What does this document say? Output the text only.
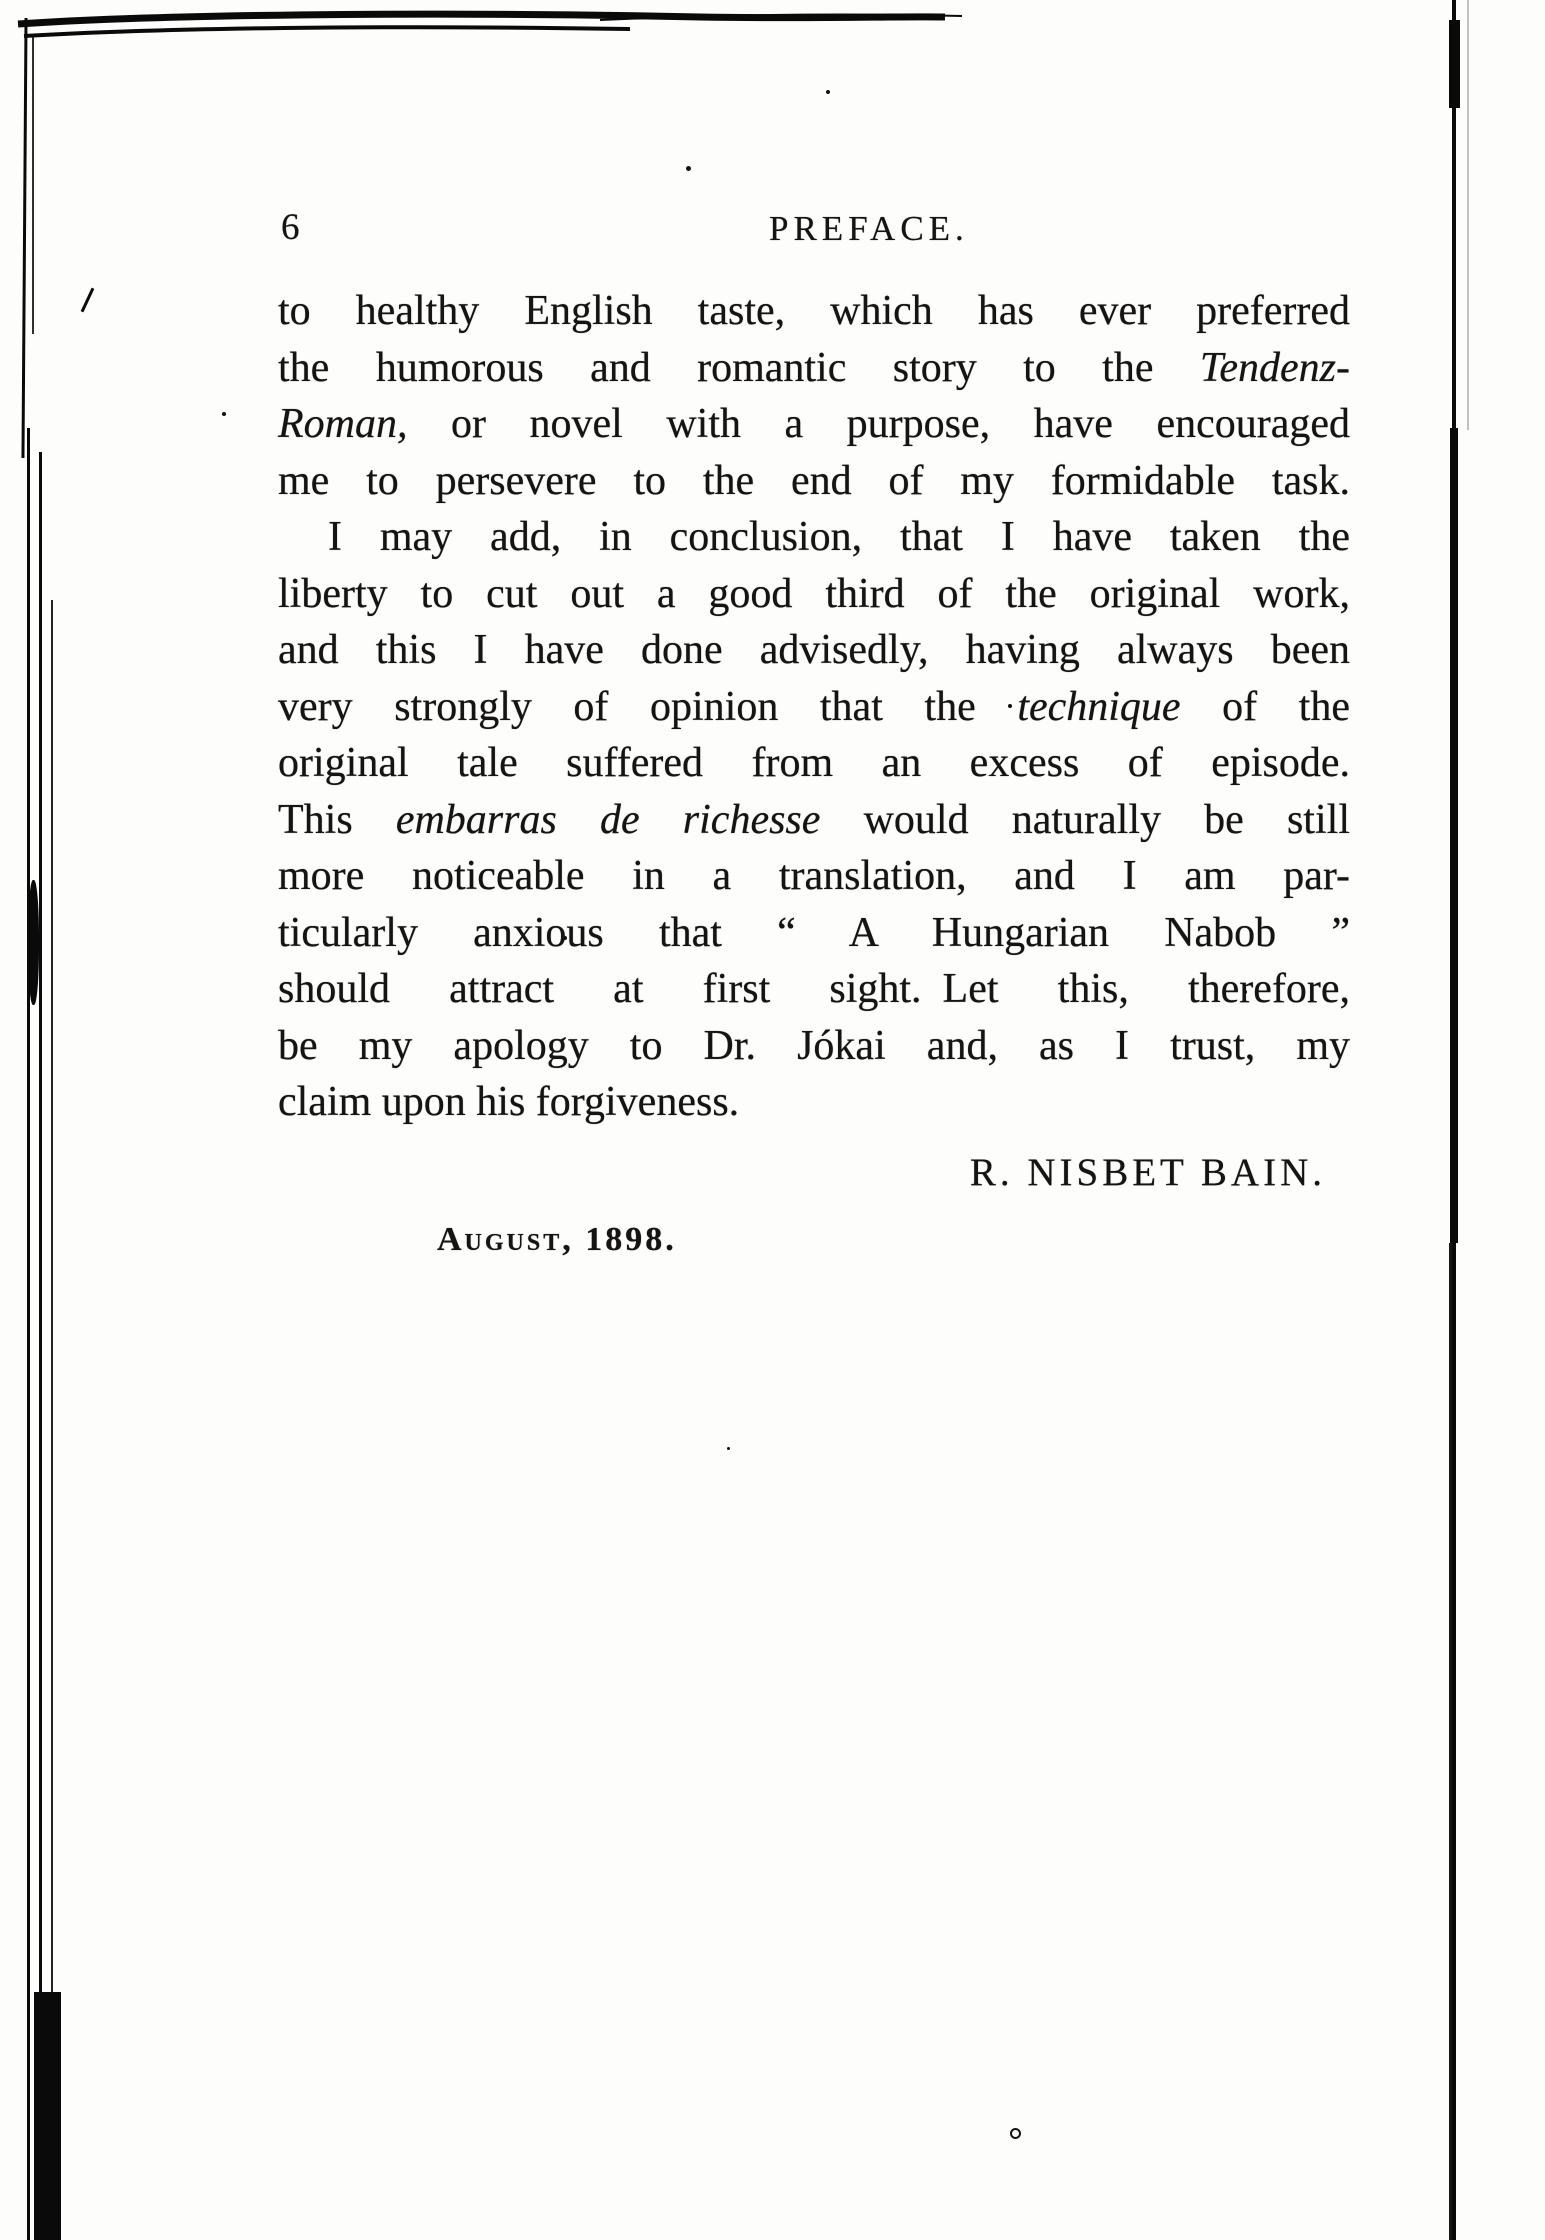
6	PREFACE.
to healthy English taste, which has ever preferred
the humorous and romantic story to the Tendenz-
Roman, or novel with a purpose, have encouraged
me to persevere to the end of my formidable task.
I may add, in conclusion, that I have taken the
liberty to cut out a good third of the original work,
and this I have done advisedly, having always been
very strongly of opinion that the technique of the
original tale suffered from an excess of episode.
This embarras de richesse would naturally be still
more noticeable in a translation, and I am par-
ticularly anxious that “ A Hungarian Nabob ”
should attract at first sight. Let this, therefore,
be my apology to Dr. Jókai and, as I trust, my
claim upon his forgiveness.
R. NISBET BAIN.
August, 1898.
